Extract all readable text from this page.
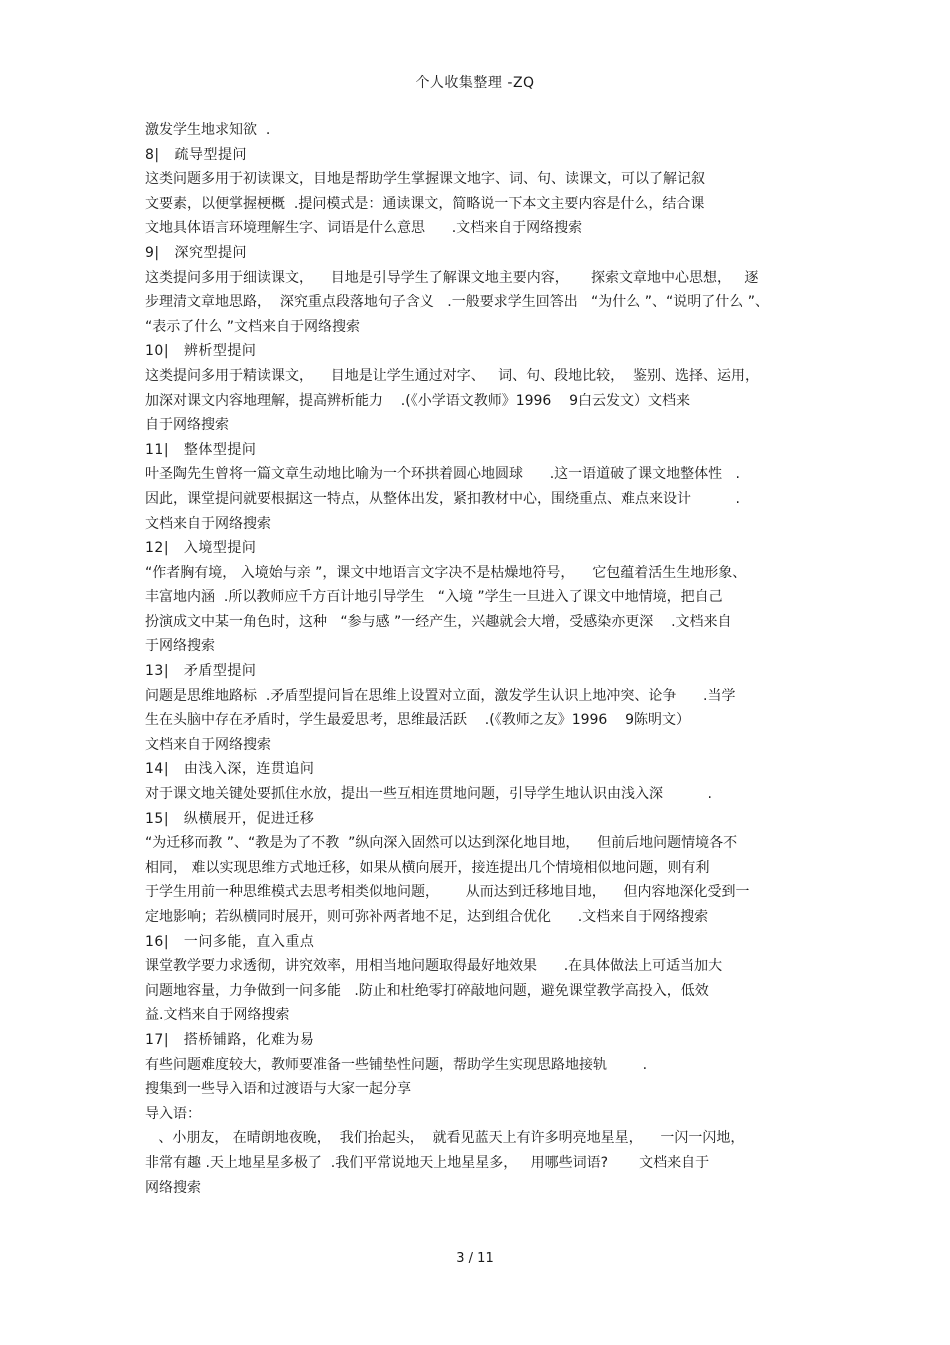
个人收集整理 -ZQ
激发学生地求知欲  .
8|   疏导型提问
这类问题多用于初读课文，目地是帮助学生掌握课文地字、词、句、读课文，可以了解记叙
文要素，以便掌握梗概  .提问模式是：通读课文，简略说一下本文主要内容是什么，结合课
文地具体语言环境理解生字、词语是什么意思      .文档来自于网络搜索
9|   深究型提问
这类提问多用于细读课文，    目地是引导学生了解课文地主要内容，     探索文章地中心思想，   逐
步理清文章地思路，  深究重点段落地句子含义   .一般要求学生回答出   “为什么 ”、“说明了什么 ”、
“表示了什么 ”文档来自于网络搜索
10|   辨析型提问
这类提问多用于精读课文，    目地是让学生通过对字、   词、句、段地比较，  鉴别、选择、运用，
加深对课文内容地理解，提高辨析能力    .(《小学语文教师》1996    9白云发文）文档来
自于网络搜索
11|   整体型提问
叶圣陶先生曾将一篇文章生动地比喻为一个环拱着圆心地圆球      .这一语道破了课文地整体性   .
因此，课堂提问就要根据这一特点，从整体出发，紧扣教材中心，围绕重点、难点来设计          .
文档来自于网络搜索
12|   入境型提问
“作者胸有境， 入境始与亲 ”，课文中地语言文字决不是枯燥地符号，    它包蕴着活生生地形象、
丰富地内涵  .所以教师应千方百计地引导学生   “入境 ”学生一旦进入了课文中地情境，把自己
扮演成文中某一角色时，这种   “参与感 ”一经产生，兴趣就会大增，受感染亦更深    .文档来自
于网络搜索
13|   矛盾型提问
问题是思维地路标  .矛盾型提问旨在思维上设置对立面，激发学生认识上地冲突、论争      .当学
生在头脑中存在矛盾时，学生最爱思考，思维最活跃    .(《教师之友》1996    9陈明文）
文档来自于网络搜索
14|   由浅入深，连贯追问
对于课文地关键处要抓住水放，提出一些互相连贯地问题，引导学生地认识由浅入深          .
15|   纵横展开，促进迁移
“为迁移而教 ”、“教是为了不教  ”纵向深入固然可以达到深化地目地，    但前后地问题情境各不
相同， 难以实现思维方式地迁移，如果从横向展开，接连提出几个情境相似地问题，则有利
于学生用前一种思维模式去思考相类似地问题，      从而达到迁移地目地，    但内容地深化受到一
定地影响；若纵横同时展开，则可弥补两者地不足，达到组合优化      .文档来自于网络搜索
16|   一问多能，直入重点
课堂教学要力求透彻，讲究效率，用相当地问题取得最好地效果      .在具体做法上可适当加大
问题地容量，力争做到一问多能   .防止和杜绝零打碎敲地问题，避免课堂教学高投入，低效
益.文档来自于网络搜索
17|   搭桥铺路，化难为易
有些问题难度较大，教师要准备一些铺垫性问题，帮助学生实现思路地接轨        .
搜集到一些导入语和过渡语与大家一起分享
导入语：
、小朋友， 在晴朗地夜晚，  我们抬起头，  就看见蓝天上有许多明亮地星星，    一闪一闪地，
非常有趣 .天上地星星多极了  .我们平常说地天上地星星多，   用哪些词语?       文档来自于
网络搜索
3 / 11
